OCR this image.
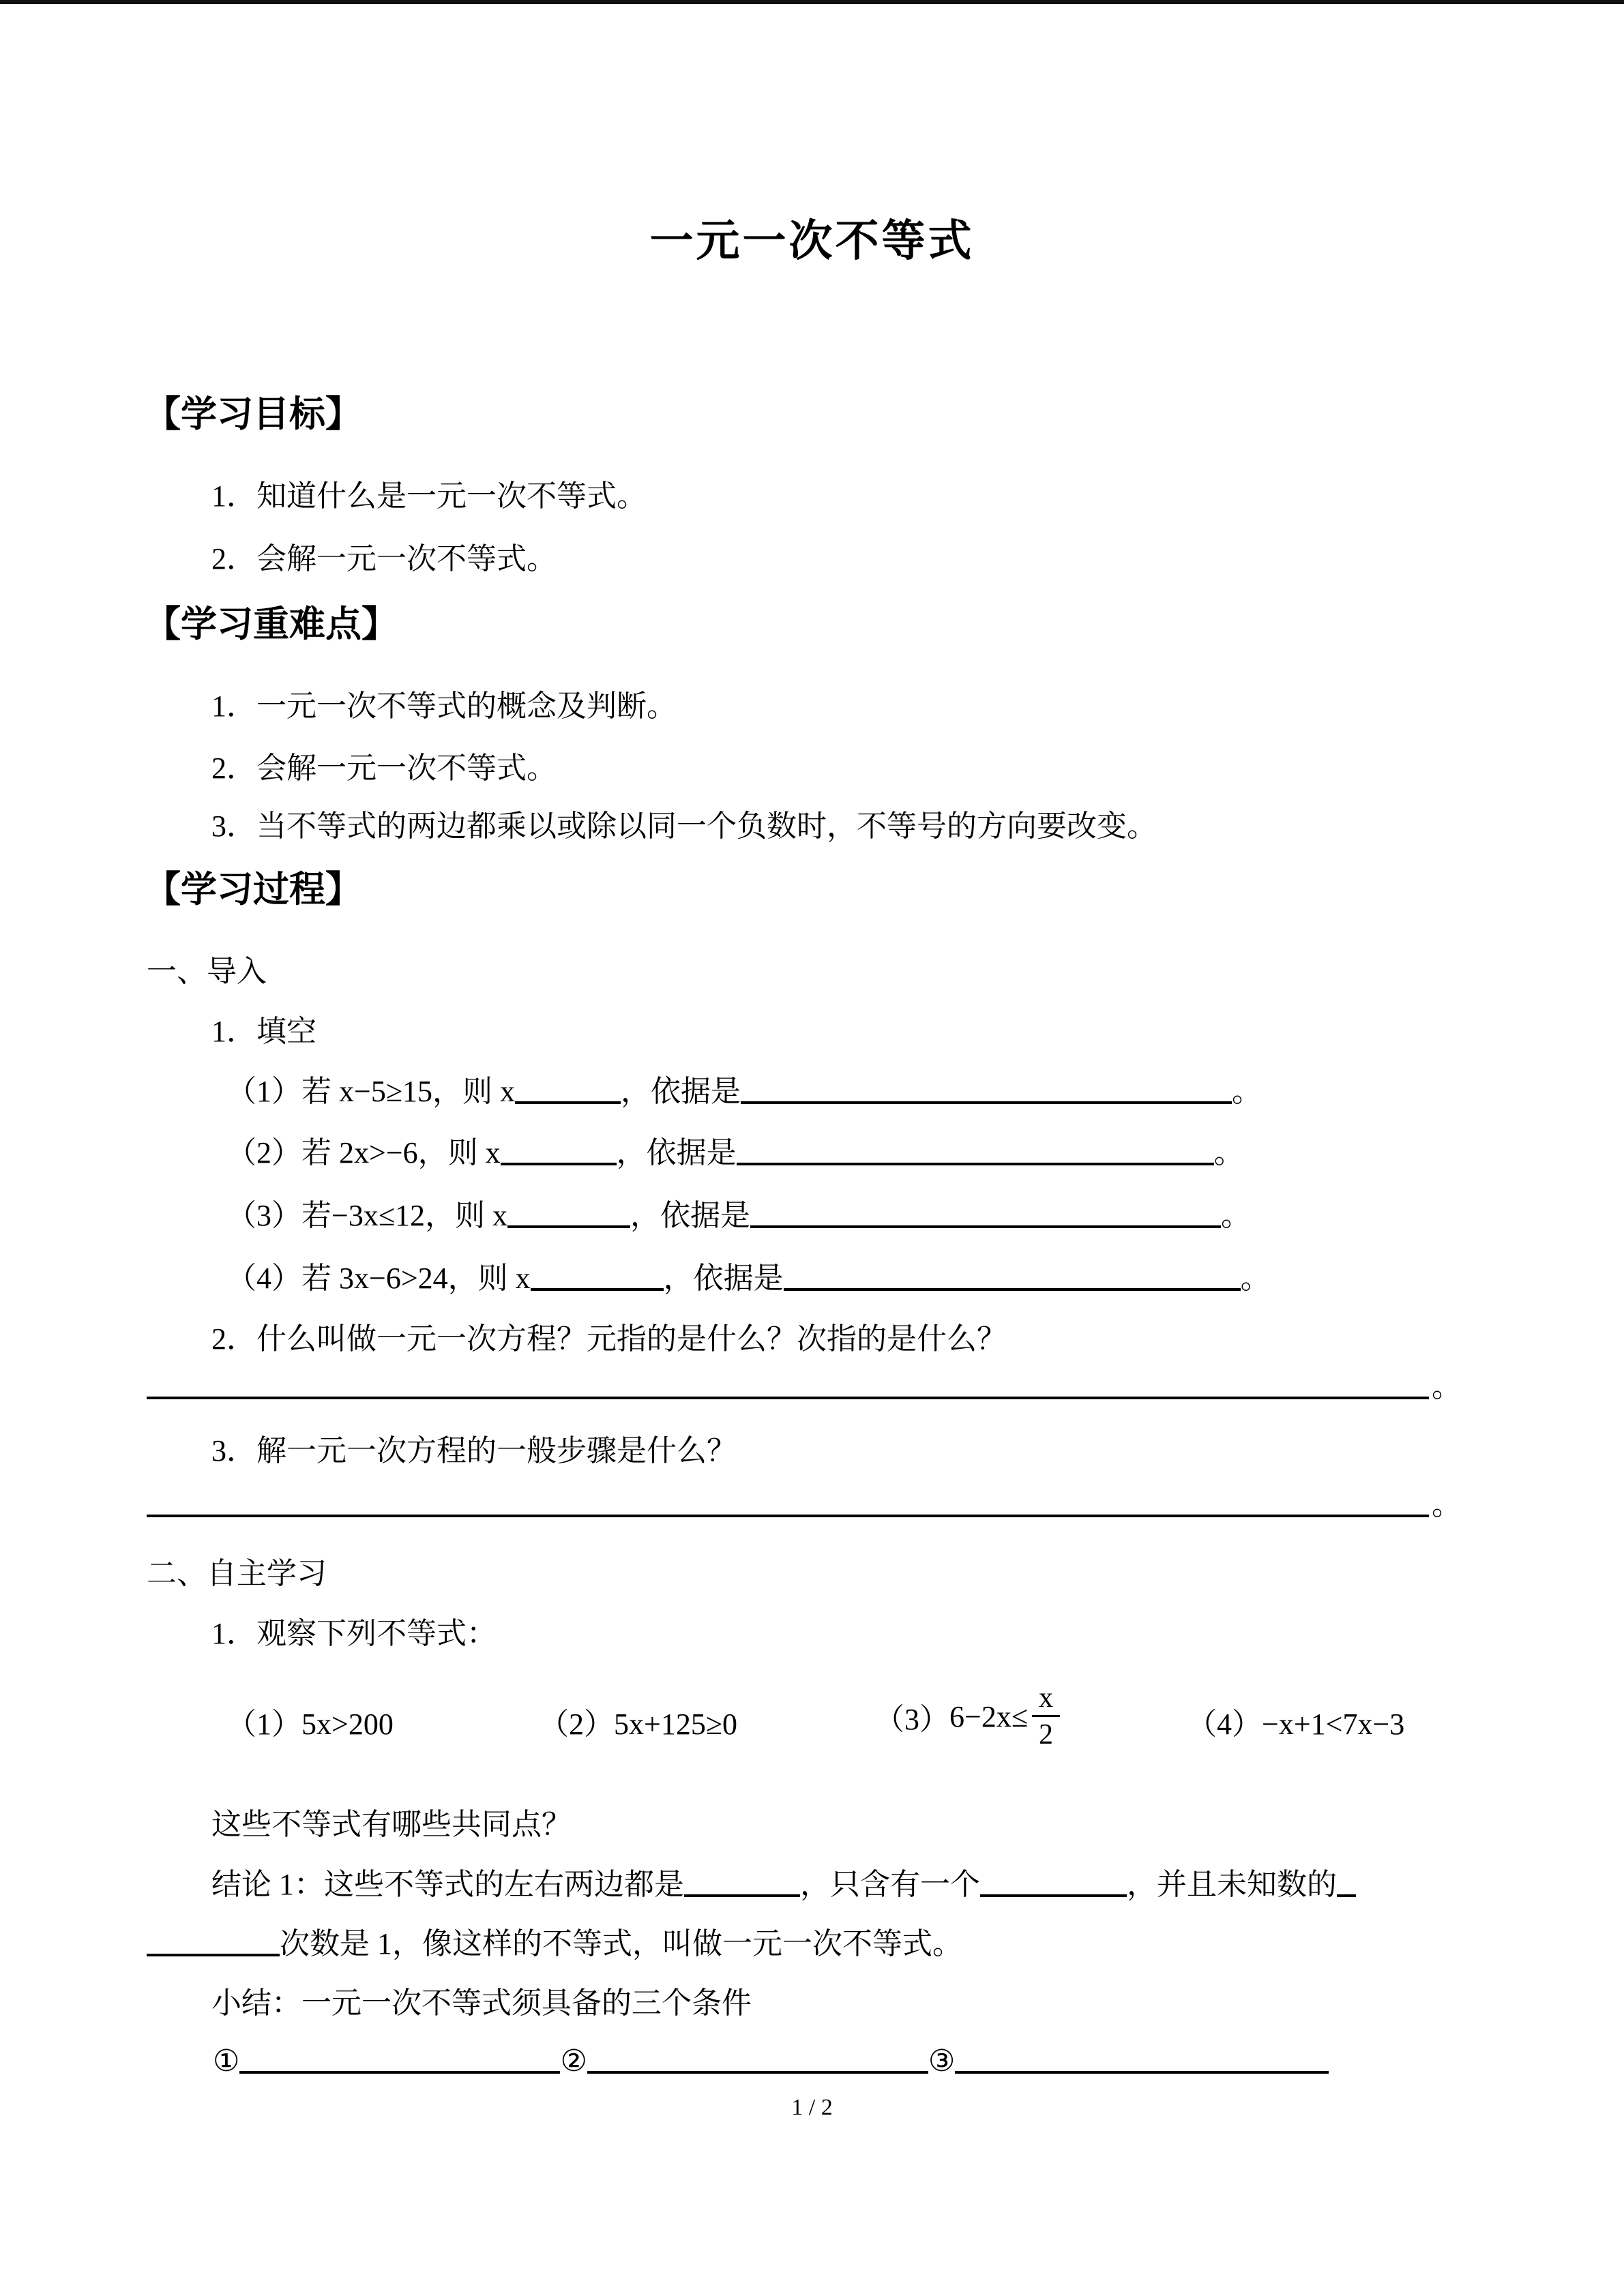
一元一次不等式
【学习目标】
1．知道什么是一元一次不等式。
2．会解一元一次不等式。
【学习重难点】
1．一元一次不等式的概念及判断。
2．会解一元一次不等式。
3．当不等式的两边都乘以或除以同一个负数时，不等号的方向要改变。
【学习过程】
一、导入
1．填空
（1）若 x−5≥15，则 x	，依据是	。
（2）若 2x>−6，则 x	，依据是	。
（3）若−3x≤12，则 x	，依据是	。
（4）若 3x−6>24，则 x	，依据是	。
2．什么叫做一元一次方程？元指的是什么？次指的是什么？
。
3．解一元一次方程的一般步骤是什么？
。
二、自主学习
1．观察下列不等式：
（1）5x>200	（2）5x+125≥0	（3） $6-2x\le \frac{x}{2}$	（4）−x+1<7x−3
这些不等式有哪些共同点？
结论 1：这些不等式的左右两边都是	，只含有一个	，并且未知数的
次数是 1，像这样的不等式，叫做一元一次不等式。
小结：一元一次不等式须具备的三个条件
①	②	③
1 / 2
